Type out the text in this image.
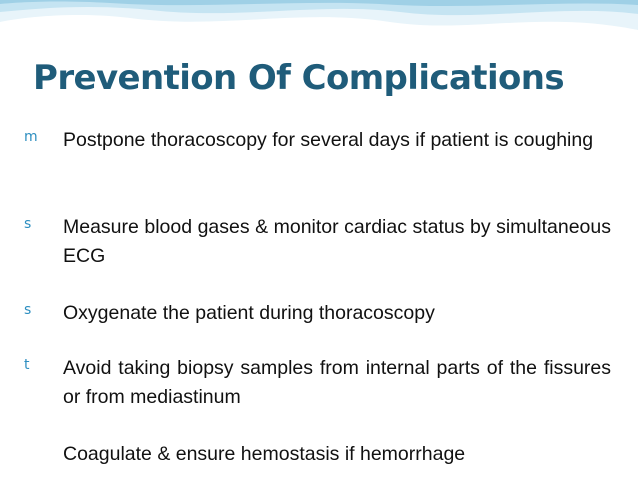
Prevention Of Complications
m Postpone thoracoscopy for several days if patient is coughing
s Measure blood gases & monitor cardiac status by simultaneous ECG
s Oxygenate the patient during thoracoscopy
t Avoid taking biopsy samples from internal parts of the fissures or from mediastinum
Coagulate & ensure hemostasis if hemorrhage
